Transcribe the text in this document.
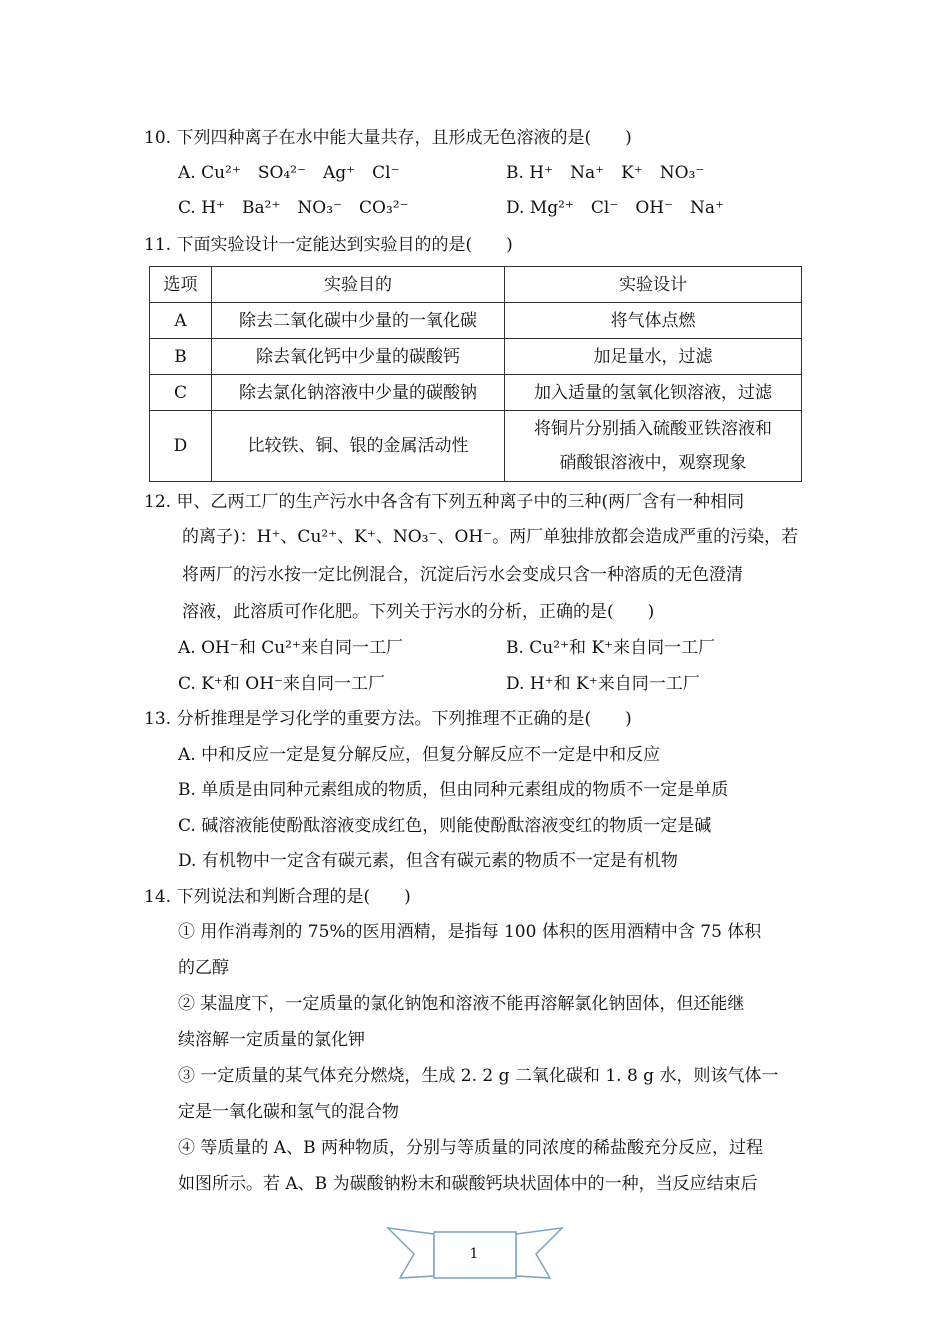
10. 下列四种离子在水中能大量共存，且形成无色溶液的是(　　)
A. Cu²⁺　SO₄²⁻　Ag⁺　Cl⁻	B. H⁺　Na⁺　K⁺　NO₃⁻
C. H⁺　Ba²⁺　NO₃⁻　CO₃²⁻	D. Mg²⁺　Cl⁻　OH⁻　Na⁺
11. 下面实验设计一定能达到实验目的的是(　　)
选项	实验目的	实验设计
A	除去二氧化碳中少量的一氧化碳	将气体点燃
B	除去氧化钙中少量的碳酸钙	加足量水，过滤
C	除去氯化钠溶液中少量的碳酸钠	加入适量的氢氧化钡溶液，过滤
D	比较铁、铜、银的金属活动性	将铜片分别插入硫酸亚铁溶液和
硝酸银溶液中，观察现象
12. 甲、乙两工厂的生产污水中各含有下列五种离子中的三种(两厂含有一种相同
的离子)：H⁺、Cu²⁺、K⁺、NO₃⁻、OH⁻。两厂单独排放都会造成严重的污染，若
将两厂的污水按一定比例混合，沉淀后污水会变成只含一种溶质的无色澄清
溶液，此溶质可作化肥。下列关于污水的分析，正确的是(　　)
A. OH⁻和 Cu²⁺来自同一工厂	B. Cu²⁺和 K⁺来自同一工厂
C. K⁺和 OH⁻来自同一工厂	D. H⁺和 K⁺来自同一工厂
13. 分析推理是学习化学的重要方法。下列推理不正确的是(　　)
A. 中和反应一定是复分解反应，但复分解反应不一定是中和反应
B. 单质是由同种元素组成的物质，但由同种元素组成的物质不一定是单质
C. 碱溶液能使酚酞溶液变成红色，则能使酚酞溶液变红的物质一定是碱
D. 有机物中一定含有碳元素，但含有碳元素的物质不一定是有机物
14. 下列说法和判断合理的是(　　)
① 用作消毒剂的 75%的医用酒精，是指每 100 体积的医用酒精中含 75 体积
的乙醇
② 某温度下，一定质量的氯化钠饱和溶液不能再溶解氯化钠固体，但还能继
续溶解一定质量的氯化钾
③ 一定质量的某气体充分燃烧，生成 2. 2 g 二氧化碳和 1. 8 g 水，则该气体一
定是一氧化碳和氢气的混合物
④ 等质量的 A、B 两种物质，分别与等质量的同浓度的稀盐酸充分反应，过程
如图所示。若 A、B 为碳酸钠粉末和碳酸钙块状固体中的一种，当反应结束后
1
